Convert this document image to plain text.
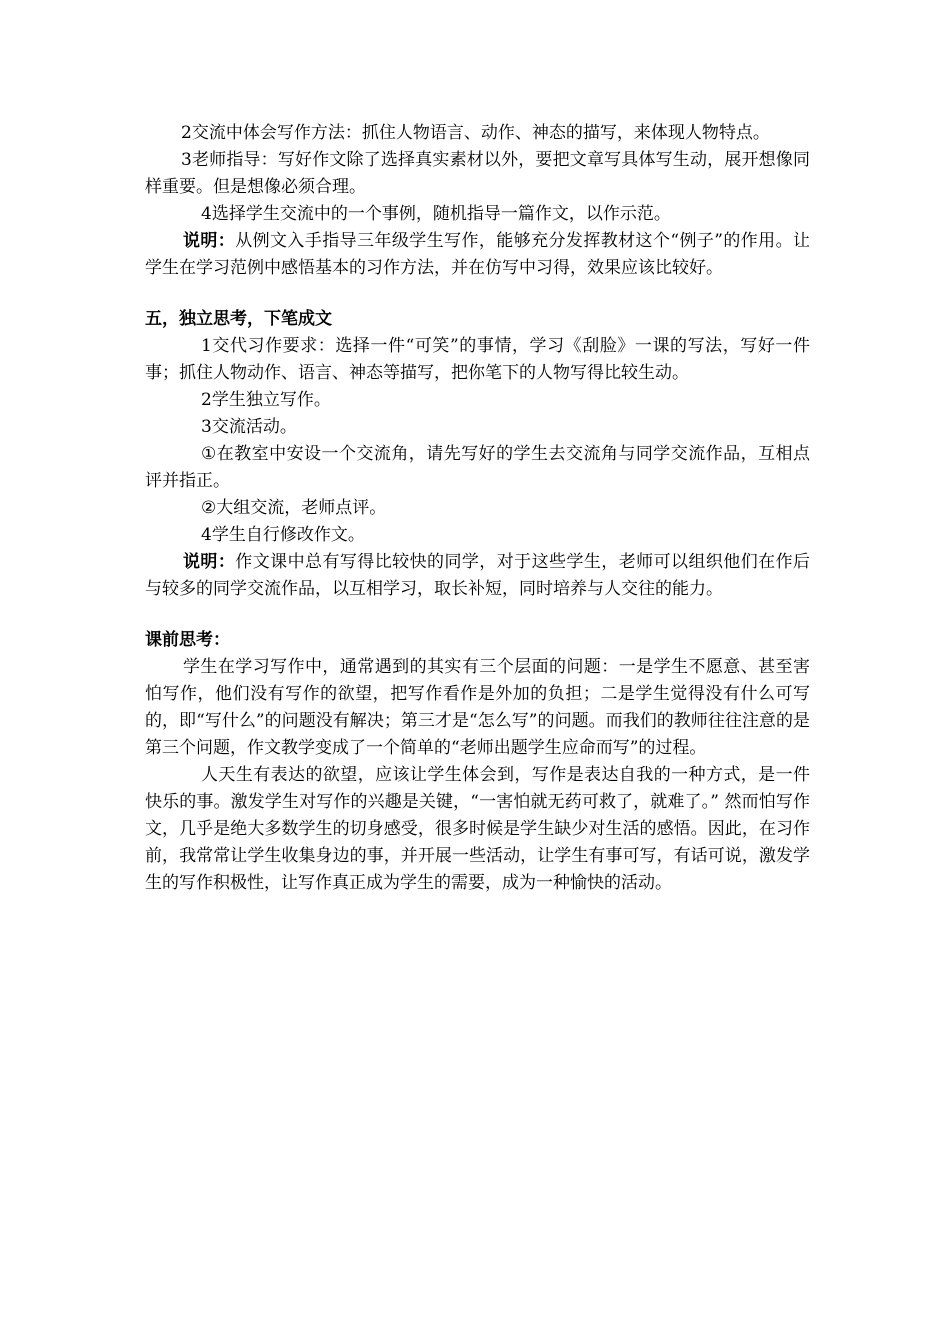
2交流中体会写作方法：抓住人物语言、动作、神态的描写，来体现人物特点。

3老师指导：写好作文除了选择真实素材以外，要把文章写具体写生动，展开想像同样重要。但是想像必须合理。

4选择学生交流中的一个事例，随机指导一篇作文，以作示范。

说明：从例文入手指导三年级学生写作，能够充分发挥教材这个“例子”的作用。让学生在学习范例中感悟基本的习作方法，并在仿写中习得，效果应该比较好。

五，独立思考，下笔成文

1交代习作要求：选择一件“可笑”的事情，学习《刮脸》一课的写法，写好一件事；抓住人物动作、语言、神态等描写，把你笔下的人物写得比较生动。

2学生独立写作。

3交流活动。

①在教室中安设一个交流角，请先写好的学生去交流角与同学交流作品，互相点评并指正。

②大组交流，老师点评。

4学生自行修改作文。

说明：作文课中总有写得比较快的同学，对于这些学生，老师可以组织他们在作后与较多的同学交流作品，以互相学习，取长补短，同时培养与人交往的能力。

课前思考：

学生在学习写作中，通常遇到的其实有三个层面的问题：一是学生不愿意、甚至害怕写作，他们没有写作的欲望，把写作看作是外加的负担；二是学生觉得没有什么可写的，即“写什么”的问题没有解决；第三才是“怎么写”的问题。而我们的教师往往注意的是第三个问题，作文教学变成了一个简单的“老师出题学生应命而写”的过程。

人天生有表达的欲望，应该让学生体会到，写作是表达自我的一种方式，是一件快乐的事。激发学生对写作的兴趣是关键，“一害怕就无药可救了，就难了。” 然而怕写作文，几乎是绝大多数学生的切身感受，很多时候是学生缺少对生活的感悟。因此，在习作前，我常常让学生收集身边的事，并开展一些活动，让学生有事可写，有话可说，激发学生的写作积极性，让写作真正成为学生的需要，成为一种愉快的活动。
